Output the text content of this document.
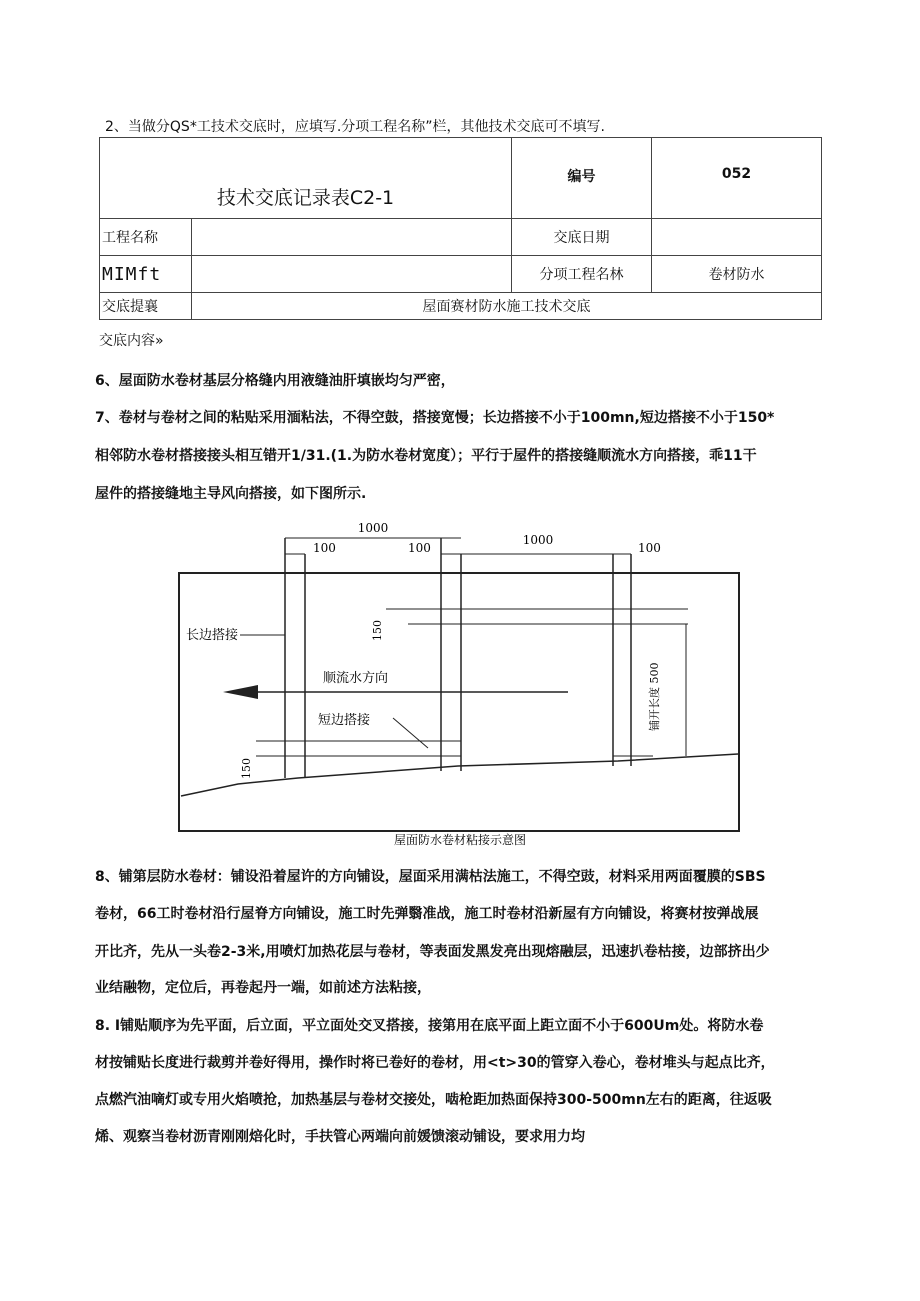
2、当做分QS*工技术交底时，应填写.分项工程名称”栏，其他技术交底可不填写.
技术交底记录表C2-1		编号	052
工程名称		交底日期	
MIMft		分项工程名林	卷材防水
交底提襄	屋面赛材防水施工技术交底		
交底内容»
6、屋面防水卷材基层分格缝内用液缝油肝填嵌均匀严密，
7、卷材与卷材之间的粘贴采用湎粘法，不得空鼓，搭接宽慢；长边搭接不小于100mn,短边搭接不小于150*
相邻防水卷材搭接接头相互错开1/31.(1.为防水卷材宽度）；平行于屋件的搭接缝顺流水方向搭接，乖11干
屋件的搭接缝地主导风向搭接，如下图所示.
1000
100	100
1000
100
150
铺开长度 500
长边搭接
顺流水方向
短边搭接
150
屋面防水卷材粘接示意图
8、铺第层防水卷材：铺设沿着屋许的方向铺设，屋面采用满枯法施工，不得空豉，材料采用两面覆膜的SBS
卷材，66工时卷材沿行屋脊方向铺设，施工时先弹翳准战，施工时卷材沿新屋有方向铺设，将赛材按弹战展
开比齐，先从一头卷2-3米,用喷灯加热花层与卷材，等表面发黑发亮出现熔融层，迅速扒卷枯接，边部挤出少
业结融物，定位后，再卷起丹一端，如前述方法粘接，
8. I铺贴顺序为先平面，后立面，平立面处交叉搭接，接第用在底平面上距立面不小于600Um处。将防水卷
材按铺贴长度进行裁剪并卷好得用，操作时将已卷好的卷材，用<t>30的管穿入卷心，卷材堆头与起点比齐，
点燃汽油嘀灯或专用火焰喷抢，加热基层与卷材交接处，啮枪距加热面保持300-500mn左右的距离，往返吸
烯、观察当卷材沥青刚刚焙化时，手扶管心两端向前媛馈滚动铺设，要求用力均
